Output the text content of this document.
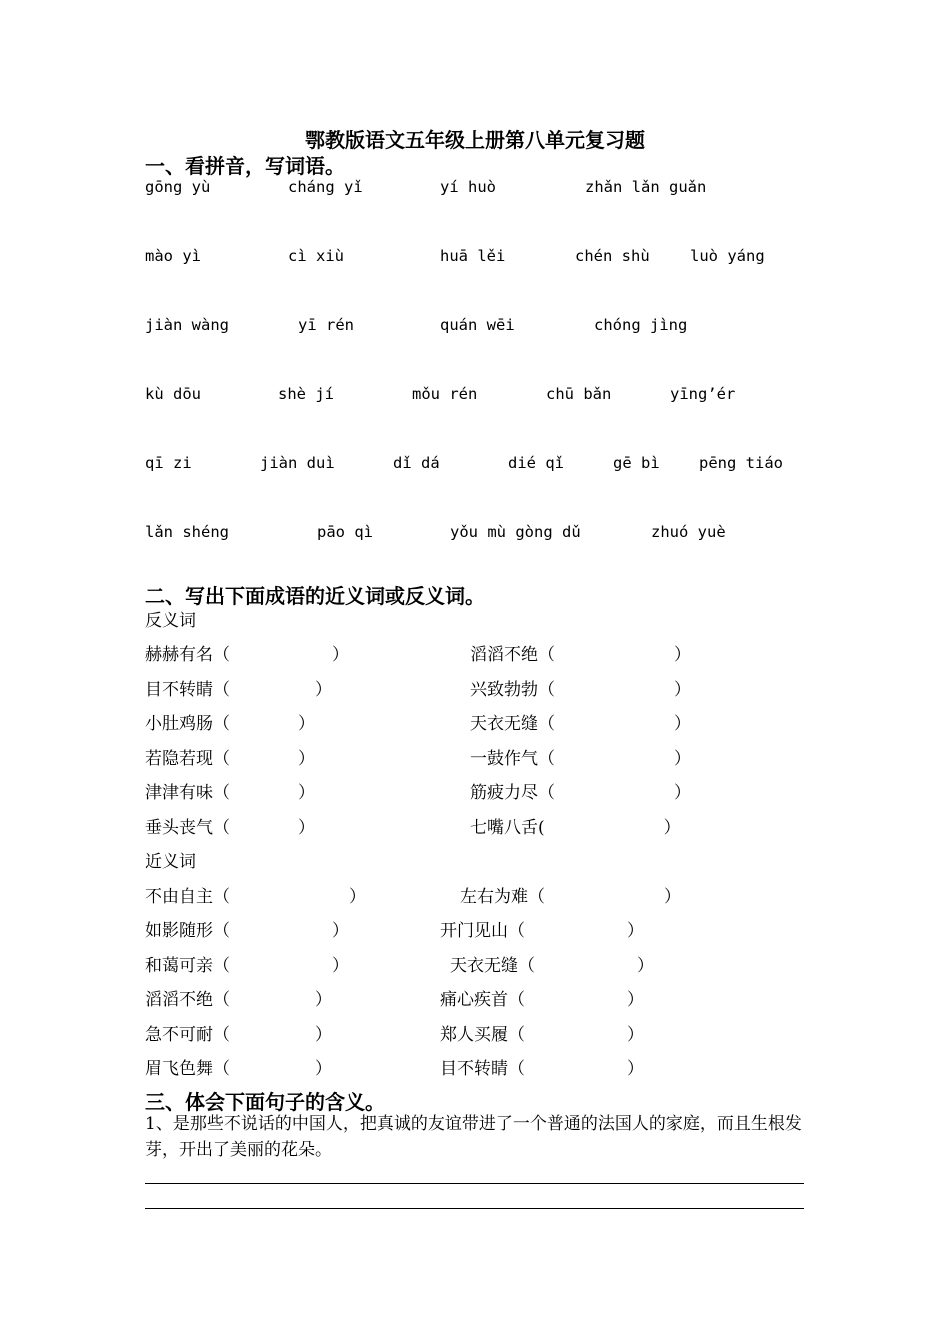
鄂教版语文五年级上册第八单元复习题
一、看拼音，写词语。
gōng yù	cháng yǐ	yí huò	zhǎn lǎn guǎn
mào yì	cì xiù	huā lěi	chén shù	luò yáng
jiàn wàng	yī rén	quán wēi	chóng jìng
kù dōu	shè jí	mǒu rén	chū bǎn	yīng’ér
qī zi	jiàn duì	dǐ dá	dié qǐ	gē bì	pēng tiáo
lǎn shéng	pāo qì	yǒu mù gòng dǔ	zhuó yuè
二、写出下面成语的近义词或反义词。
反义词
赫赫有名（　　　　　　）	滔滔不绝（　　　　　　　）
目不转睛（　　　　　）	兴致勃勃（　　　　　　　）
小肚鸡肠（　　　　）	天衣无缝（　　　　　　　）
若隐若现（　　　　）	一鼓作气（　　　　　　　）
津津有味（　　　　）	筋疲力尽（　　　　　　　）
垂头丧气（　　　　）	七嘴八舌(　　　　　　　）
近义词
不由自主（　　　　　　　）	左右为难（　　　　　　　）
如影随形（　　　　　　）	开门见山（　　　　　　）
和蔼可亲（　　　　　　）	天衣无缝（　　　　　　）
滔滔不绝（　　　　　）	痛心疾首（　　　　　　）
急不可耐（　　　　　）	郑人买履（　　　　　　）
眉飞色舞（　　　　　）	目不转睛（　　　　　　）
三、体会下面句子的含义。
1、是那些不说话的中国人，把真诚的友谊带进了一个普通的法国人的家庭，而且生根发芽，开出了美丽的花朵。
